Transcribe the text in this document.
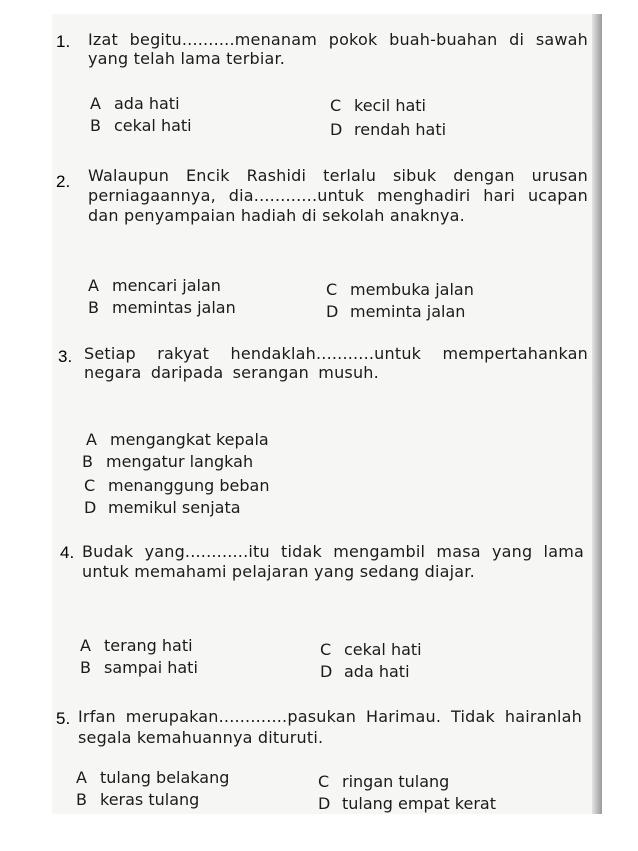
1. Izat begitu..........menanam pokok buah-buahan di sawah yang telah lama terbiar.
A ada hati
B cekal hati
C kecil hati
D rendah hati
2. Walaupun Encik Rashidi terlalu sibuk dengan urusan perniagaannya, dia............untuk menghadiri hari ucapan dan penyampaian hadiah di sekolah anaknya.
A mencari jalan
B memintas jalan
C membuka jalan
D meminta jalan
3. Setiap rakyat hendaklah...........untuk mempertahankan negara daripada serangan musuh.
A mengangkat kepala
B mengatur langkah
C menanggung beban
D memikul senjata
4. Budak yang............itu tidak mengambil masa yang lama untuk memahami pelajaran yang sedang diajar.
A terang hati
B sampai hati
C cekal hati
D ada hati
5. Irfan merupakan.............pasukan Harimau. Tidak hairanlah segala kemahuannya dituruti.
A tulang belakang
B keras tulang
C ringan tulang
D tulang empat kerat
